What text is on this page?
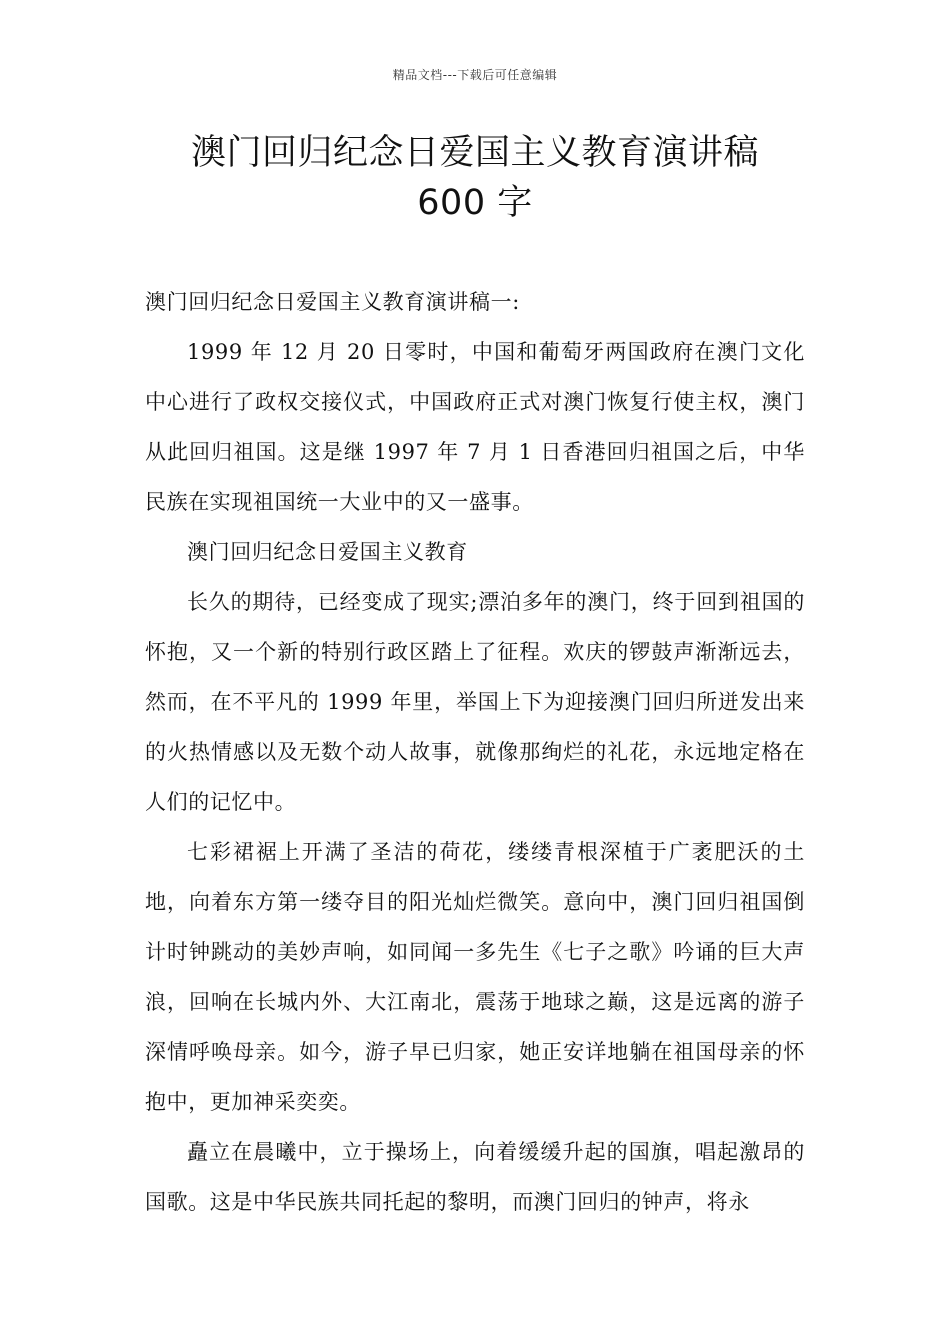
精品文档---下载后可任意编辑
澳门回归纪念日爱国主义教育演讲稿
600 字

澳门回归纪念日爱国主义教育演讲稿一:

1999 年 12 月 20 日零时，中国和葡萄牙两国政府在澳门文化中心进行了政权交接仪式，中国政府正式对澳门恢复行使主权，澳门从此回归祖国。这是继 1997 年 7 月 1 日香港回归祖国之后，中华民族在实现祖国统一大业中的又一盛事。

澳门回归纪念日爱国主义教育

长久的期待，已经变成了现实;漂泊多年的澳门，终于回到祖国的怀抱，又一个新的特别行政区踏上了征程。欢庆的锣鼓声渐渐远去，然而，在不平凡的 1999 年里，举国上下为迎接澳门回归所迸发出来的火热情感以及无数个动人故事，就像那绚烂的礼花，永远地定格在人们的记忆中。

七彩裙裾上开满了圣洁的荷花，缕缕青根深植于广袤肥沃的土地，向着东方第一缕夺目的阳光灿烂微笑。意向中，澳门回归祖国倒计时钟跳动的美妙声响，如同闻一多先生《七子之歌》吟诵的巨大声浪，回响在长城内外、大江南北，震荡于地球之巅，这是远离的游子深情呼唤母亲。如今，游子早已归家，她正安详地躺在祖国母亲的怀抱中，更加神采奕奕。

矗立在晨曦中，立于操场上，向着缓缓升起的国旗，唱起激昂的国歌。这是中华民族共同托起的黎明，而澳门回归的钟声，将永
